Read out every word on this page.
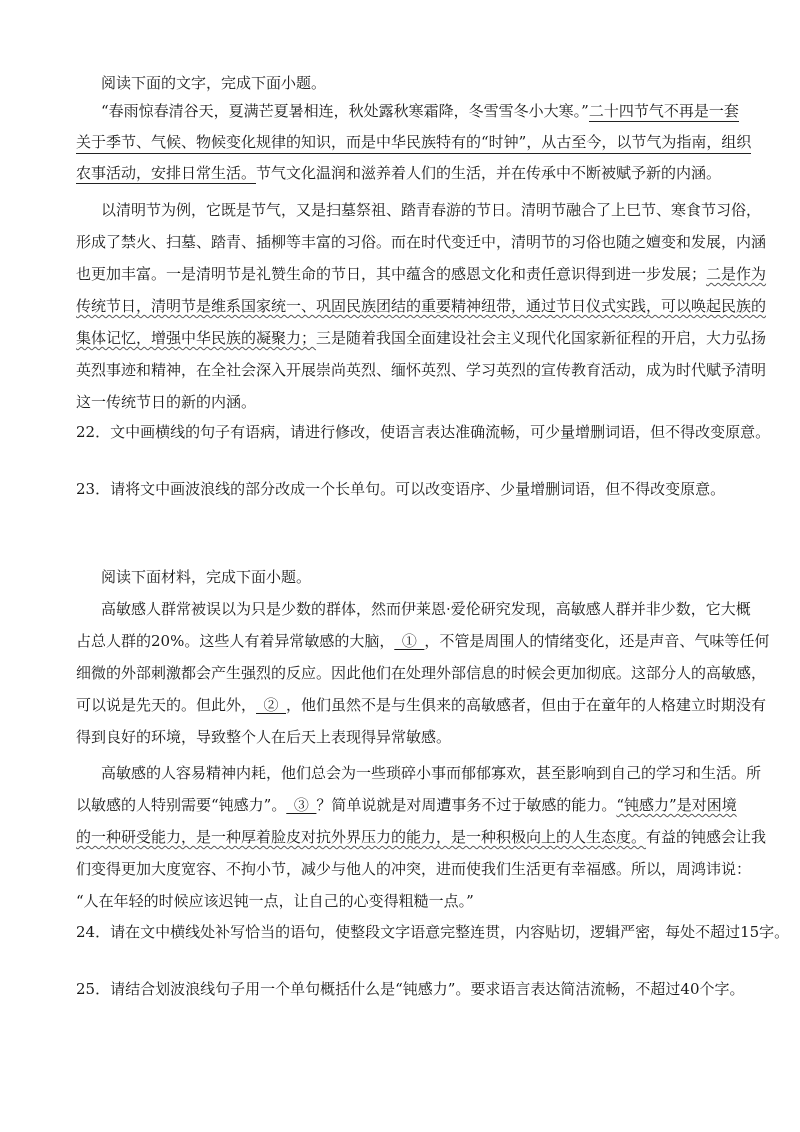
阅读下面的文字，完成下面小题。
“春雨惊春清谷天，夏满芒夏暑相连，秋处露秋寒霜降，冬雪雪冬小大寒。”二十四节气不再是一套
关于季节、气候、物候变化规律的知识，而是中华民族特有的“时钟”，从古至今，以节气为指南，组织
农事活动，安排日常生活。节气文化温润和滋养着人们的生活，并在传承中不断被赋予新的内涵。
以清明节为例，它既是节气，又是扫墓祭祖、踏青春游的节日。清明节融合了上巳节、寒食节习俗，
形成了禁火、扫墓、踏青、插柳等丰富的习俗。而在时代变迁中，清明节的习俗也随之嬗变和发展，内涵
也更加丰富。一是清明节是礼赞生命的节日，其中蕴含的感恩文化和责任意识得到进一步发展；二是作为
传统节日，清明节是维系国家统一、巩固民族团结的重要精神纽带，通过节日仪式实践，可以唤起民族的
集体记忆，增强中华民族的凝聚力；三是随着我国全面建设社会主义现代化国家新征程的开启，大力弘扬
英烈事迹和精神，在全社会深入开展崇尚英烈、缅怀英烈、学习英烈的宣传教育活动，成为时代赋予清明
这一传统节日的新的内涵。
22．文中画横线的句子有语病，请进行修改，使语言表达准确流畅，可少量增删词语，但不得改变原意。
23．请将文中画波浪线的部分改成一个长单句。可以改变语序、少量增删词语，但不得改变原意。
阅读下面材料，完成下面小题。
高敏感人群常被误以为只是少数的群体，然而伊莱恩·爱伦研究发现，高敏感人群并非少数，它大概
占总人群的20%。这些人有着异常敏感的大脑，_①_，不管是周围人的情绪变化，还是声音、气味等任何
细微的外部刺激都会产生强烈的反应。因此他们在处理外部信息的时候会更加彻底。这部分人的高敏感，
可以说是先天的。但此外，_②_，他们虽然不是与生俱来的高敏感者，但由于在童年的人格建立时期没有
得到良好的环境，导致整个人在后天上表现得异常敏感。
高敏感的人容易精神内耗，他们总会为一些琐碎小事而郁郁寡欢，甚至影响到自己的学习和生活。所
以敏感的人特别需要“钝感力”。_③_？简单说就是对周遭事务不过于敏感的能力。“钝感力”是对困境
的一种研受能力，是一种厚着脸皮对抗外界压力的能力，是一种积极向上的人生态度。有益的钝感会让我
们变得更加大度宽容、不拘小节，减少与他人的冲突，进而使我们生活更有幸福感。所以，周鸿讳说：
“人在年轻的时候应该迟钝一点，让自己的心变得粗糙一点。”
24．请在文中横线处补写恰当的语句，使整段文字语意完整连贯，内容贴切，逻辑严密，每处不超过15字。
25．请结合划波浪线句子用一个单句概括什么是“钝感力”。要求语言表达简洁流畅，不超过40个字。
